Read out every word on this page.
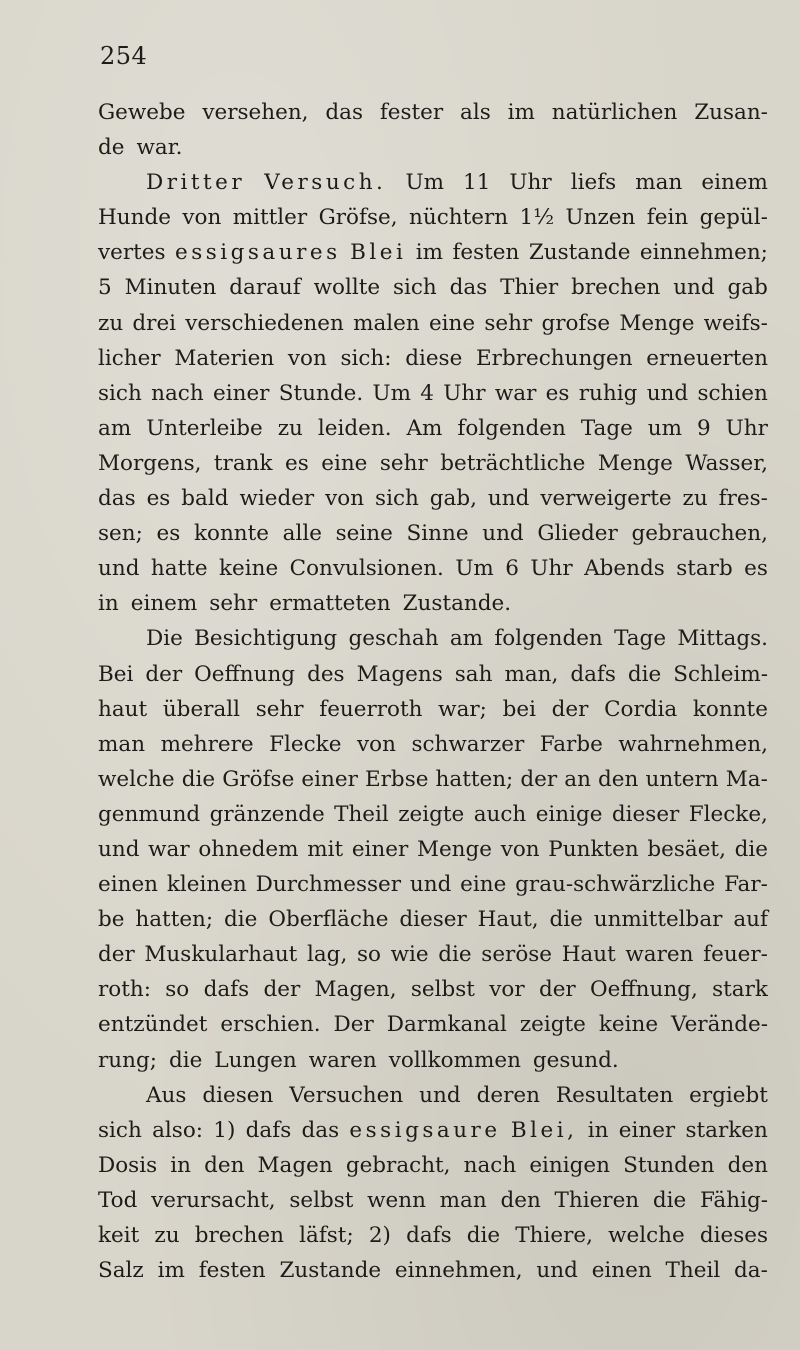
254
Gewebe versehen, das fester als im natürlichen Zusan-
de war.
Dritter Versuch. Um 11 Uhr liefs man einem
Hunde von mittler Gröfse, nüchtern 1½ Unzen fein gepül-
vertes essigsaures Blei im festen Zustande einnehmen;
5 Minuten darauf wollte sich das Thier brechen und gab
zu drei verschiedenen malen eine sehr grofse Menge weifs-
licher Materien von sich: diese Erbrechungen erneuerten
sich nach einer Stunde. Um 4 Uhr war es ruhig und schien
am Unterleibe zu leiden. Am folgenden Tage um 9 Uhr
Morgens, trank es eine sehr beträchtliche Menge Wasser,
das es bald wieder von sich gab, und verweigerte zu fres-
sen; es konnte alle seine Sinne und Glieder gebrauchen,
und hatte keine Convulsionen. Um 6 Uhr Abends starb es
in einem sehr ermatteten Zustande.
Die Besichtigung geschah am folgenden Tage Mittags.
Bei der Oeffnung des Magens sah man, dafs die Schleim-
haut überall sehr feuerroth war; bei der Cordia konnte
man mehrere Flecke von schwarzer Farbe wahrnehmen,
welche die Gröfse einer Erbse hatten; der an den untern Ma-
genmund gränzende Theil zeigte auch einige dieser Flecke,
und war ohnedem mit einer Menge von Punkten besäet, die
einen kleinen Durchmesser und eine grau-schwärzliche Far-
be hatten; die Oberfläche dieser Haut, die unmittelbar auf
der Muskularhaut lag, so wie die seröse Haut waren feuer-
roth: so dafs der Magen, selbst vor der Oeffnung, stark
entzündet erschien. Der Darmkanal zeigte keine Verände-
rung; die Lungen waren vollkommen gesund.
Aus diesen Versuchen und deren Resultaten ergiebt
sich also: 1) dafs das essigsaure Blei, in einer starken
Dosis in den Magen gebracht, nach einigen Stunden den
Tod verursacht, selbst wenn man den Thieren die Fähig-
keit zu brechen läfst; 2) dafs die Thiere, welche dieses
Salz im festen Zustande einnehmen, und einen Theil da-
